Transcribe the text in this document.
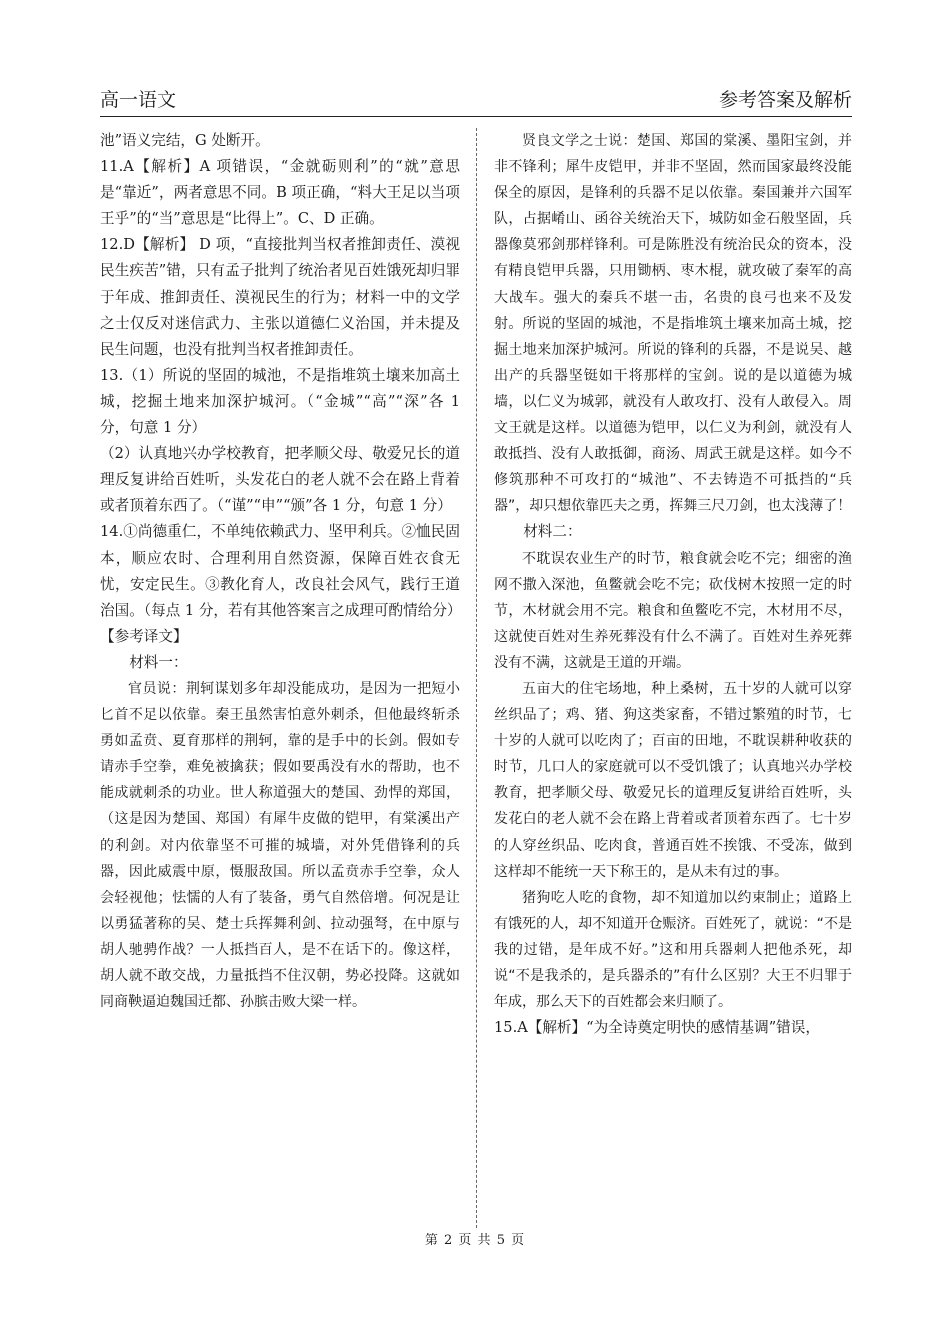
高一语文	参考答案及解析

池”语义完结，G 处断开。

11.A【解析】A 项错误，“金就砺则利”的“就”意思是“靠近”，两者意思不同。B 项正确，“料大王足以当项王乎”的“当”意思是“比得上”。C、D 正确。

12.D【解析】 D 项，“直接批判当权者推卸责任、漠视民生疾苦”错，只有孟子批判了统治者见百姓饿死却归罪于年成、推卸责任、漠视民生的行为；材料一中的文学之士仅反对迷信武力、主张以道德仁义治国，并未提及民生问题，也没有批判当权者推卸责任。

13.（1）所说的坚固的城池，不是指堆筑土壤来加高土城，挖掘土地来加深护城河。（“金城”“高”“深”各 1 分，句意 1 分）

（2）认真地兴办学校教育，把孝顺父母、敬爱兄长的道理反复讲给百姓听，头发花白的老人就不会在路上背着或者顶着东西了。（“谨”“申”“颁”各 1 分，句意 1 分）

14.①尚德重仁，不单纯依赖武力、坚甲利兵。②恤民固本，顺应农时、合理利用自然资源，保障百姓衣食无忧，安定民生。③教化育人，改良社会风气，践行王道治国。（每点 1 分，若有其他答案言之成理可酌情给分）

【参考译文】

材料一：

官员说：荆轲谋划多年却没能成功，是因为一把短小匕首不足以依靠。秦王虽然害怕意外刺杀，但他最终斩杀勇如孟贲、夏育那样的荆轲，靠的是手中的长剑。假如专请赤手空拳，难免被擒获；假如要禹没有水的帮助，也不能成就刺杀的功业。世人称道强大的楚国、劲悍的郑国，（这是因为楚国、郑国）有犀牛皮做的铠甲，有棠溪出产的利剑。对内依靠坚不可摧的城墙，对外凭借锋利的兵器，因此威震中原，慑服敌国。所以孟贲赤手空拳，众人会轻视他；怯懦的人有了装备，勇气自然倍增。何况是让以勇猛著称的吴、楚士兵挥舞利剑、拉动强弩，在中原与胡人驰骋作战？一人抵挡百人，是不在话下的。像这样，胡人就不敢交战，力量抵挡不住汉朝，势必投降。这就如同商鞅逼迫魏国迁都、孙膑击败大梁一样。

贤良文学之士说：楚国、郑国的棠溪、墨阳宝剑，并非不锋利；犀牛皮铠甲，并非不坚固，然而国家最终没能保全的原因，是锋利的兵器不足以依靠。秦国兼并六国军队，占据崤山、函谷关统治天下，城防如金石般坚固，兵器像莫邪剑那样锋利。可是陈胜没有统治民众的资本，没有精良铠甲兵器，只用锄柄、枣木棍，就攻破了秦军的高大战车。强大的秦兵不堪一击，名贵的良弓也来不及发射。所说的坚固的城池，不是指堆筑土壤来加高土城，挖掘土地来加深护城河。所说的锋利的兵器，不是说吴、越出产的兵器坚铤如干将那样的宝剑。说的是以道德为城墙，以仁义为城郭，就没有人敢攻打、没有人敢侵入。周文王就是这样。以道德为铠甲，以仁义为利剑，就没有人敢抵挡、没有人敢抵御，商汤、周武王就是这样。如今不修筑那种不可攻打的“城池”、不去铸造不可抵挡的“兵器”，却只想依靠匹夫之勇，挥舞三尺刀剑，也太浅薄了！

材料二：

不耽误农业生产的时节，粮食就会吃不完；细密的渔网不撒入深池，鱼鳖就会吃不完；砍伐树木按照一定的时节，木材就会用不完。粮食和鱼鳖吃不完，木材用不尽，这就使百姓对生养死葬没有什么不满了。百姓对生养死葬没有不满，这就是王道的开端。

五亩大的住宅场地，种上桑树，五十岁的人就可以穿丝织品了；鸡、猪、狗这类家畜，不错过繁殖的时节，七十岁的人就可以吃肉了；百亩的田地，不耽误耕种收获的时节，几口人的家庭就可以不受饥饿了；认真地兴办学校教育，把孝顺父母、敬爱兄长的道理反复讲给百姓听，头发花白的老人就不会在路上背着或者顶着东西了。七十岁的人穿丝织品、吃肉食，普通百姓不挨饿、不受冻，做到这样却不能统一天下称王的，是从未有过的事。

猪狗吃人吃的食物，却不知道加以约束制止；道路上有饿死的人，却不知道开仓赈济。百姓死了，就说：“不是我的过错，是年成不好。”这和用兵器刺人把他杀死，却说“不是我杀的，是兵器杀的”有什么区别？大王不归罪于年成，那么天下的百姓都会来归顺了。

15.A【解析】“为全诗奠定明快的感情基调”错误，

第 2 页 共 5 页
